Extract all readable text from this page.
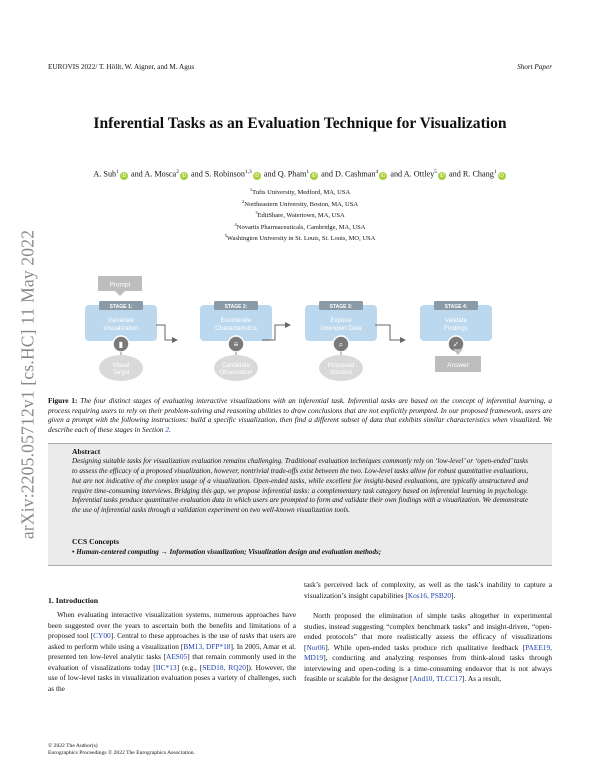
EUROVIS 2022/ T. Höllt, W. Aigner, and M. Agus	Short Paper
arXiv:2205.05712v1 [cs.HC] 11 May 2022
Inferential Tasks as an Evaluation Technique for Visualization
A. Suh$^1$iD and A. Mosca$^2$iD and S. Robinson$^{1,3}$iD and Q. Pham$^1$iD and D. Cashman$^4$iD and A. Ottley$^5$iD and R. Chang$^1$iD
$^1$Tufts University, Medford, MA, USA
$^2$Northeastern University, Boston, MA, USA
$^3$EditShare, Watertown, MA, USA
$^4$Novartis Pharmaceuticals, Cambridge, MA, USA
$^5$Washington University in St. Louis, St. Louis, MO, USA
Prompt
STAGE 1:
Generate
Visualization
▮
Visual
Target
STAGE 2:
Enumerate
Characteristics
≡
Candidate
Observation
STAGE 3:
Explore
Unknown Data
⌕
Proposed
Solution
STAGE 4:
Validate
Findings
✓
Answer
Figure 1: The four distinct stages of evaluating interactive visualizations with an inferential task. Inferential tasks are based on the concept of inferential learning, a process requiring users to rely on their problem-solving and reasoning abilities to draw conclusions that are not explicitly prompted. In our proposed framework, users are given a prompt with the following instructions: build a specific visualization, then find a different subset of data that exhibits similar characteristics when visualized. We describe each of these stages in Section 2.
Abstract
Designing suitable tasks for visualization evaluation remains challenging. Traditional evaluation techniques commonly rely on ‘low-level’ or ‘open-ended’ tasks to assess the efficacy of a proposed visualization, however, nontrivial trade-offs exist between the two. Low-level tasks allow for robust quantitative evaluations, but are not indicative of the complex usage of a visualization. Open-ended tasks, while excellent for insight-based evaluations, are typically unstructured and require time-consuming interviews. Bridging this gap, we propose inferential tasks: a complementary task category based on inferential learning in psychology. Inferential tasks produce quantitative evaluation data in which users are prompted to form and validate their own findings with a visualization. We demonstrate the use of inferential tasks through a validation experiment on two well-known visualization tools.
CCS Concepts
• Human-centered computing → Information visualization; Visualization design and evaluation methods;
1. Introduction

When evaluating interactive visualization systems, numerous approaches have been suggested over the years to ascertain both the benefits and limitations of a proposed tool [CY00]. Central to these approaches is the use of tasks that users are asked to perform while using a visualization [BM13, DFP*18]. In 2005, Amar et al. presented ten low-level analytic tasks [AES05] that remain commonly used in the evaluation of visualizations today [IIC*13] (e.g., [SED18, RQ20]). However, the use of low-level tasks in visualization evaluation poses a variety of challenges, such as the

task’s perceived lack of complexity, as well as the task’s inability to capture a visualization’s insight capabilities [Kos16, PSB20].

North proposed the elimination of simple tasks altogether in experimental studies, instead suggesting “complex benchmark tasks” and insight-driven, “open-ended protocols” that more realistically assess the efficacy of visualizations [Nor06]. While open-ended tasks produce rich qualitative feedback [PAEE19, MD19], conducting and analyzing responses from think-aloud tasks through interviewing and open-coding is a time-consuming endeavor that is not always feasible or scalable for the designer [And10, TLCC17]. As a result,

© 2022 The Author(s)
Eurographics Proceedings © 2022 The Eurographics Association.
